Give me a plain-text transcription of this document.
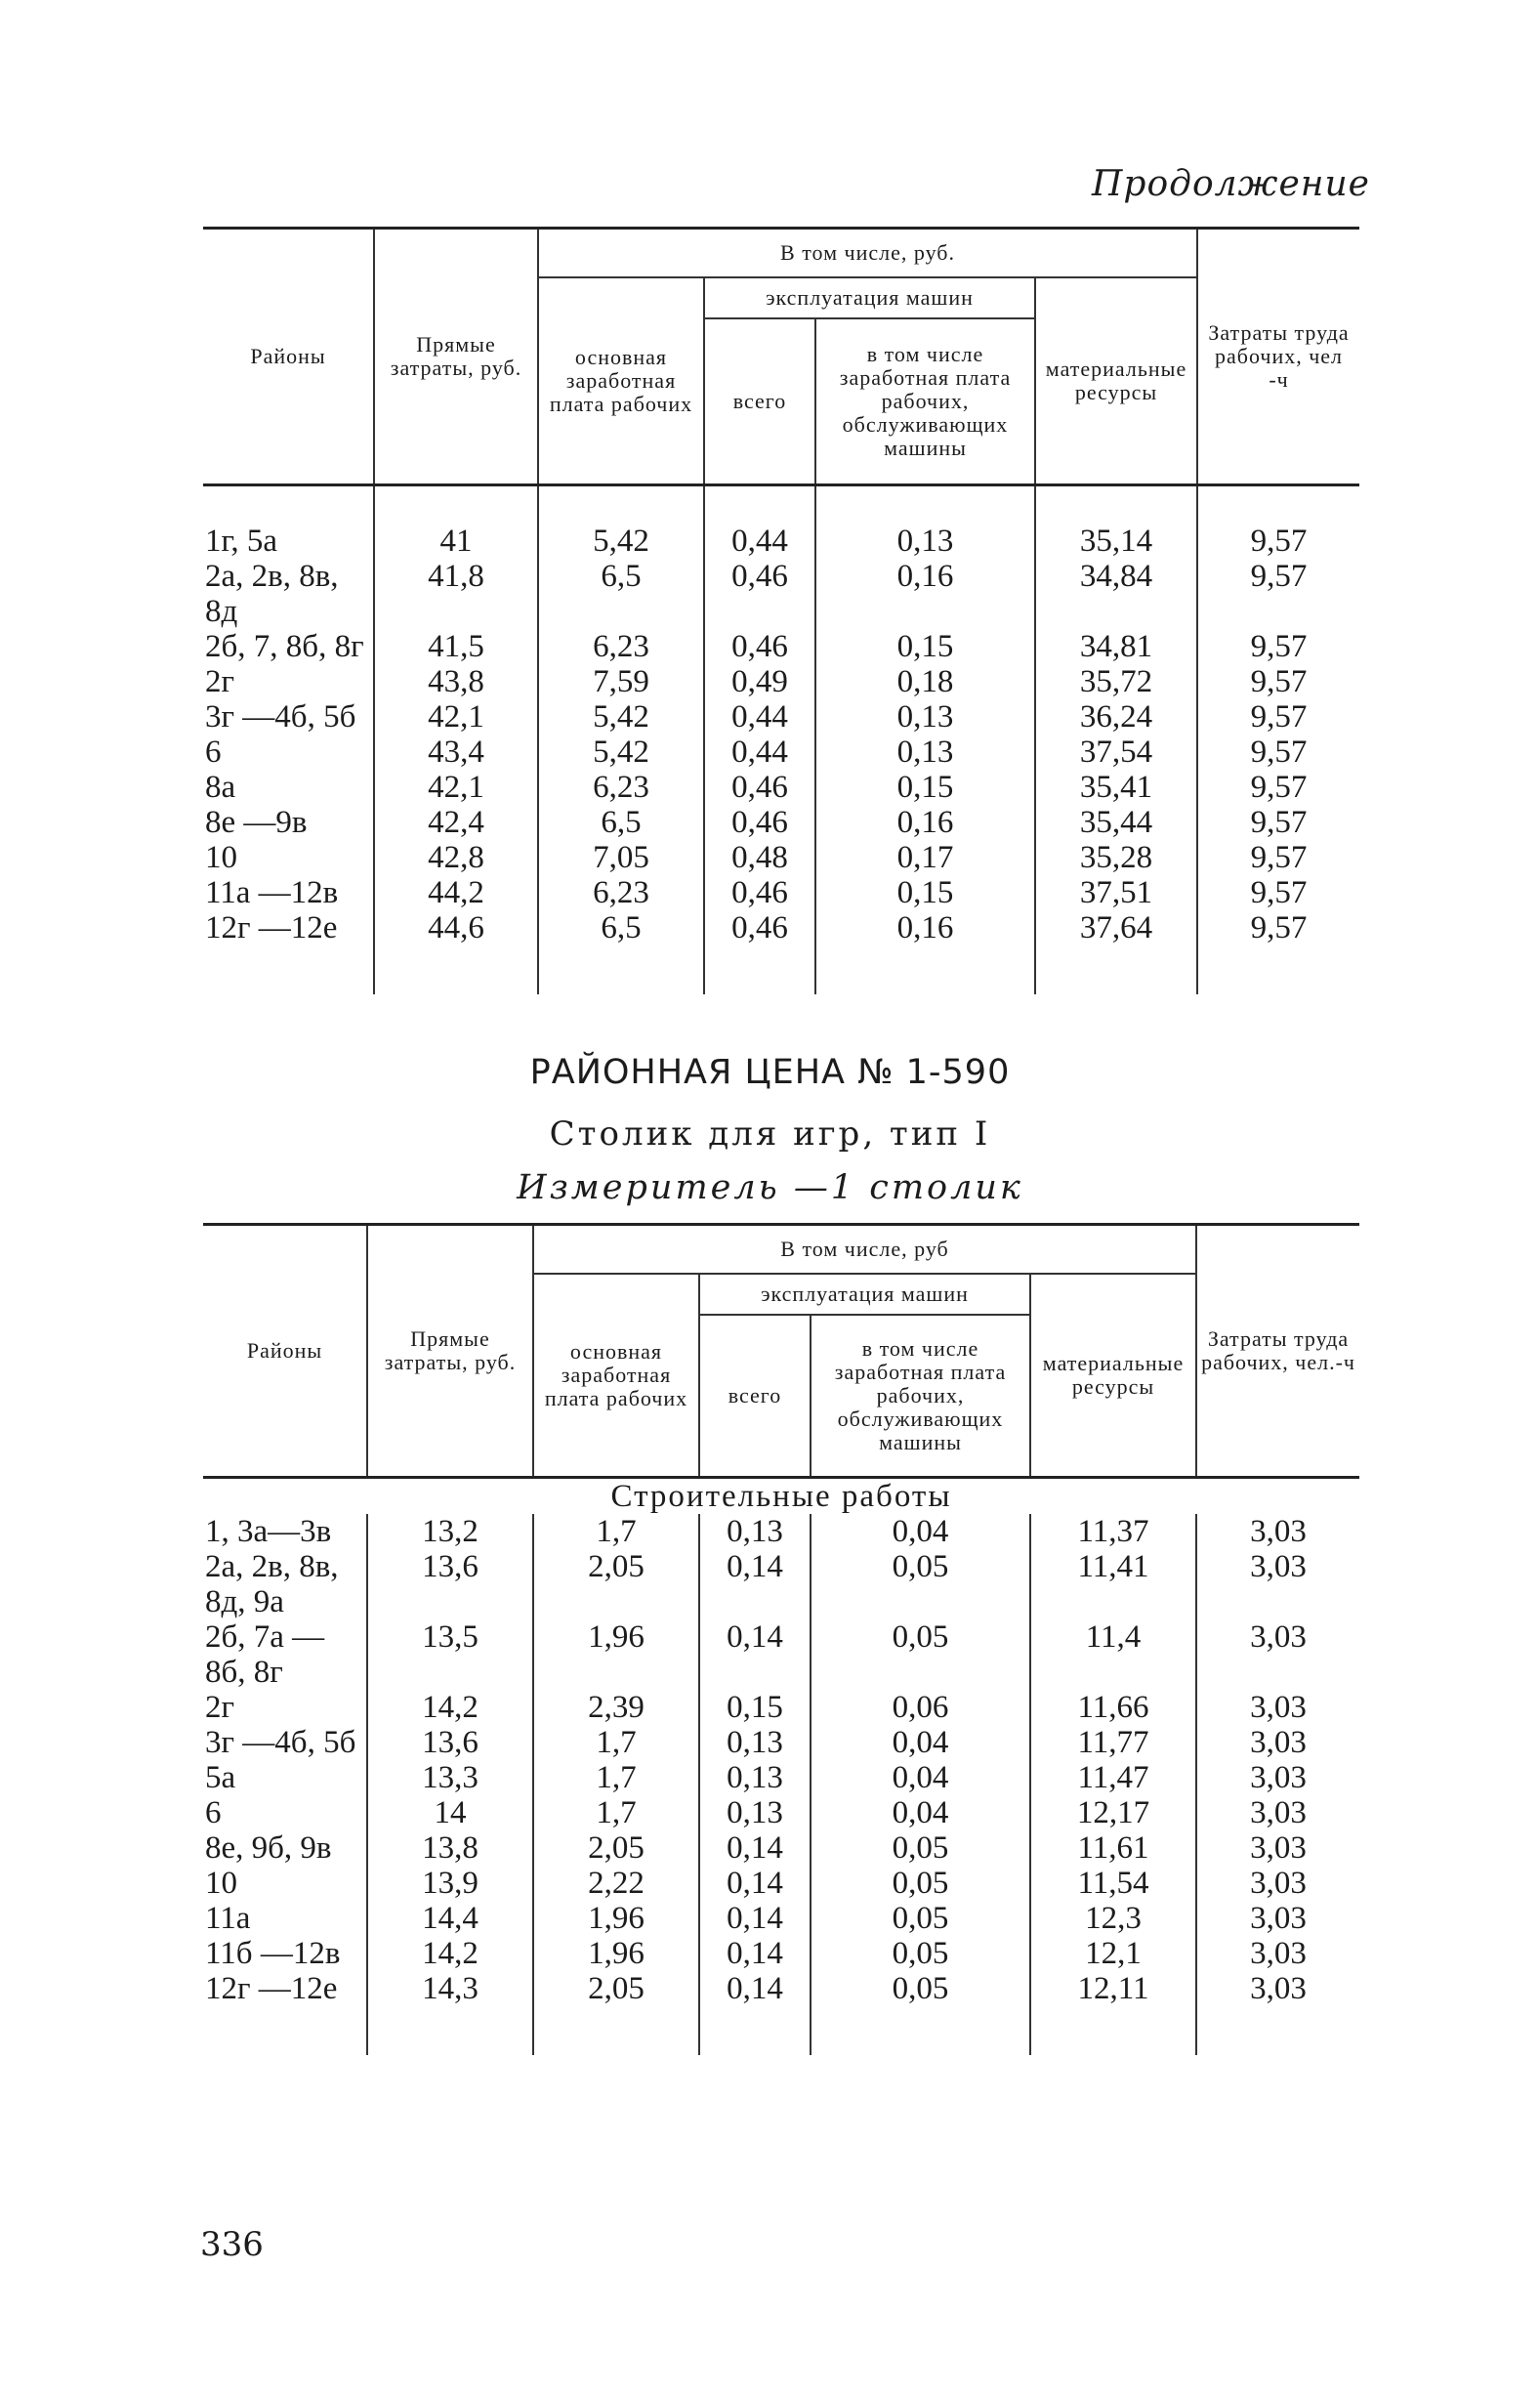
Продолжение
Районы	Прямые затраты, руб.	В том числе, руб.				Затраты труда рабочих, чел -ч
		основная заработная плата рабочих	эксплуатация машин		материальные ресурсы	
			всего	в том числе заработная плата рабочих, обслуживающих машины		

1г, 5а	41	5,42	0,44	0,13	35,14	9,57
2а, 2в, 8в, 8д	41,8	6,5	0,46	0,16	34,84	9,57
2б, 7, 8б, 8г	41,5	6,23	0,46	0,15	34,81	9,57
2г	43,8	7,59	0,49	0,18	35,72	9,57
3г —4б, 5б	42,1	5,42	0,44	0,13	36,24	9,57
6	43,4	5,42	0,44	0,13	37,54	9,57
8а	42,1	6,23	0,46	0,15	35,41	9,57
8е —9в	42,4	6,5	0,46	0,16	35,44	9,57
10	42,8	7,05	0,48	0,17	35,28	9,57
11а —12в	44,2	6,23	0,46	0,15	37,51	9,57
12г —12е	44,6	6,5	0,46	0,16	37,64	9,57

РАЙОННАЯ ЦЕНА № 1-590
Столик для игр, тип I
Измеритель —1 столик
Районы	Прямые затраты, руб.	В том числе, руб				Затраты труда рабочих, чел.-ч
		основная заработная плата рабочих	эксплуатация машин		материальные ресурсы	
			всего	в том числе заработная плата рабочих, обслуживающих машины		
Строительные работы						
1, 3а—3в	13,2	1,7	0,13	0,04	11,37	3,03
2а, 2в, 8в, 8д, 9а	13,6	2,05	0,14	0,05	11,41	3,03
2б, 7а — 8б, 8г	13,5	1,96	0,14	0,05	11,4	3,03
2г	14,2	2,39	0,15	0,06	11,66	3,03
3г —4б, 5б	13,6	1,7	0,13	0,04	11,77	3,03
5а	13,3	1,7	0,13	0,04	11,47	3,03
6	14	1,7	0,13	0,04	12,17	3,03
8е, 9б, 9в	13,8	2,05	0,14	0,05	11,61	3,03
10	13,9	2,22	0,14	0,05	11,54	3,03
11а	14,4	1,96	0,14	0,05	12,3	3,03
11б —12в	14,2	1,96	0,14	0,05	12,1	3,03
12г —12е	14,3	2,05	0,14	0,05	12,11	3,03

336
